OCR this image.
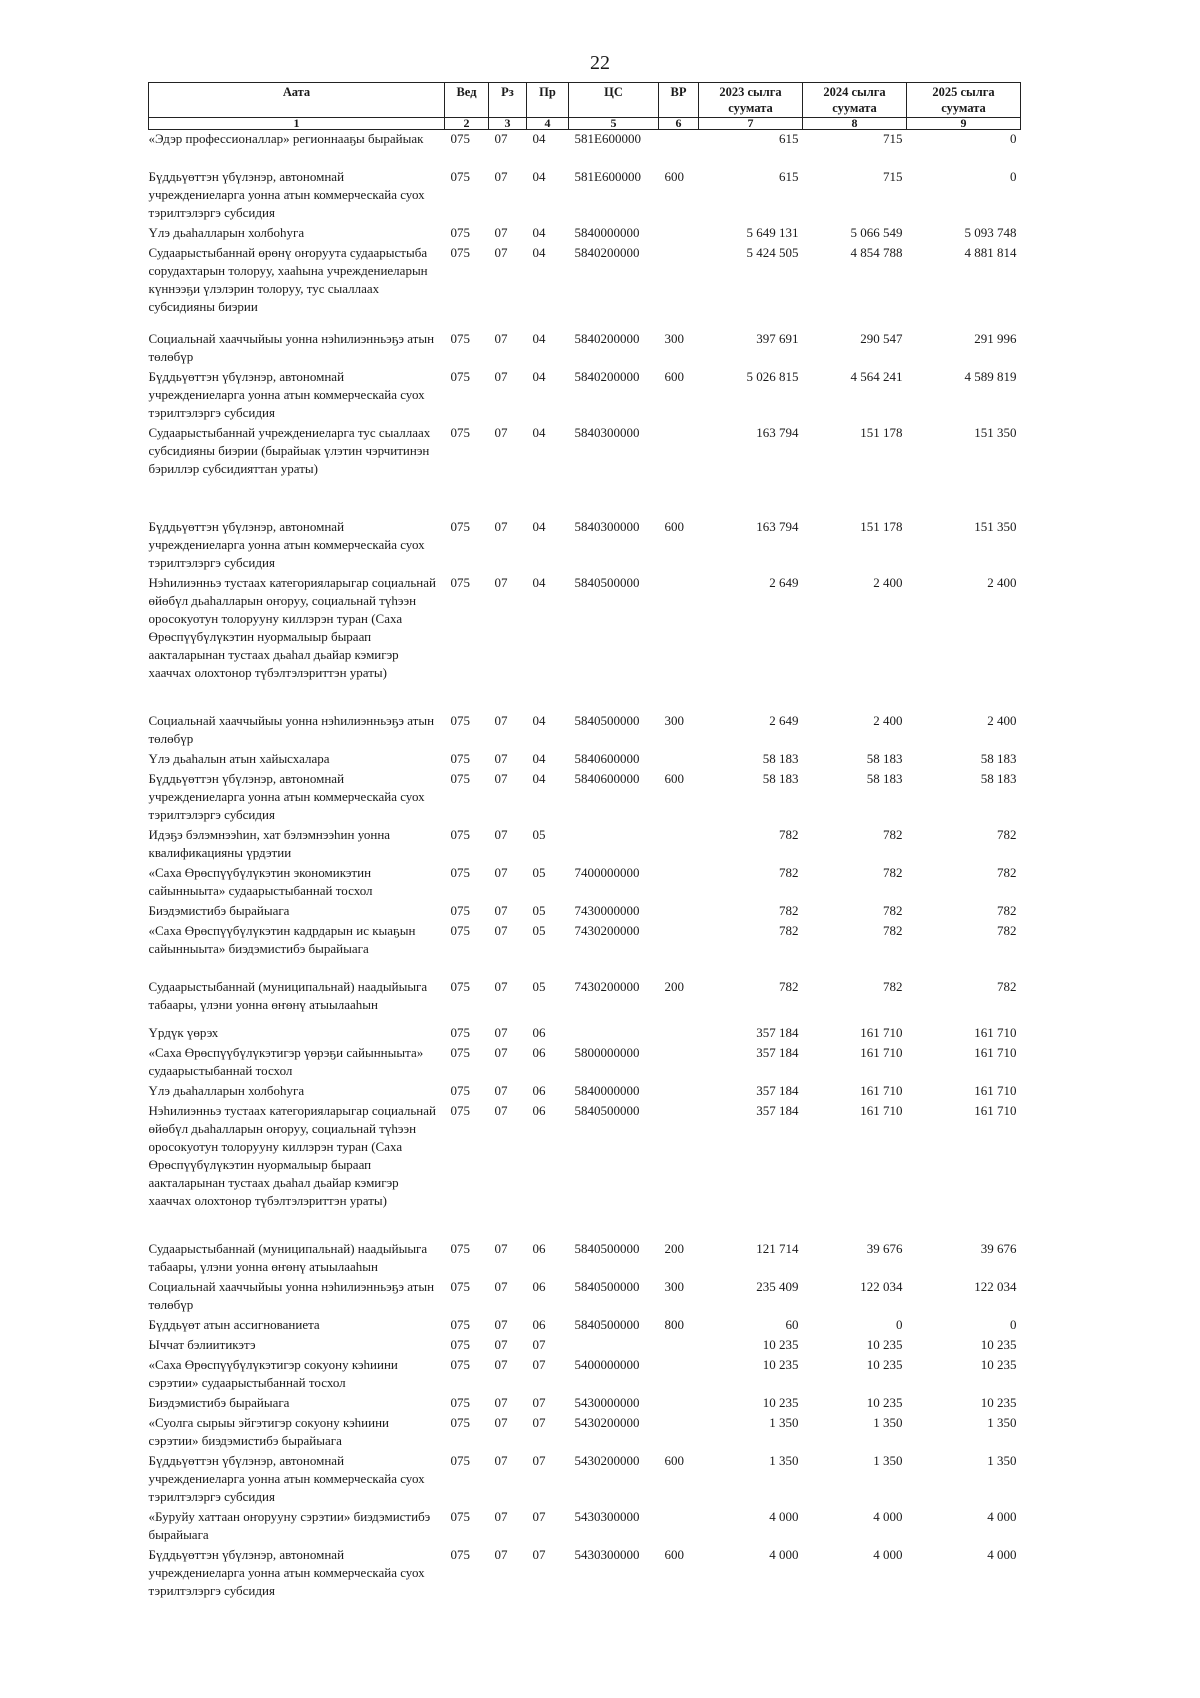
22
Аата	Вед	Рз	Пр	ЦС	ВР	2023 сылга суумата	2024 сылга суумата	2025 сылга суумата
1	2	3	4	5	6	7	8	9
«Эдэр профессионаллар» регионнааҕы бырайыак	075	07	04	581E600000		615	715	0
Бүддьүөттэн үбүлэнэр, автономнай учреждениеларга уонна атын коммерческайа суох тэрилтэлэргэ субсидия	075	07	04	581E600000	600	615	715	0
Үлэ дьаһалларын холбоһуга	075	07	04	5840000000		5 649 131	5 066 549	5 093 748
Судаарыстыбаннай өрөнү оҥоруута судаарыстыба сорудахтарын толоруу, хааһына учреждениеларын күннээҕи үлэлэрин толоруу, тус сыаллаах субсидияны биэрии	075	07	04	5840200000		5 424 505	4 854 788	4 881 814
Социальнай хааччыйыы уонна нэһилиэнньэҕэ атын төлөбүр	075	07	04	5840200000	300	397 691	290 547	291 996
Бүддьүөттэн үбүлэнэр, автономнай учреждениеларга уонна атын коммерческайа суох тэрилтэлэргэ субсидия	075	07	04	5840200000	600	5 026 815	4 564 241	4 589 819
Судаарыстыбаннай учреждениеларга тус сыаллаах субсидияны биэрии (бырайыак үлэтин чэрчитинэн бэриллэр субсидияттан ураты)	075	07	04	5840300000		163 794	151 178	151 350
Бүддьүөттэн үбүлэнэр, автономнай учреждениеларга уонна атын коммерческайа суох тэрилтэлэргэ субсидия	075	07	04	5840300000	600	163 794	151 178	151 350
Нэһилиэнньэ тустаах категорияларыгар социальнай өйөбүл дьаһалларын оҥоруу, социальнай түһээн оросокуотун толорууну киллэрэн туран (Саха Өрөспүүбүлүкэтин нуормалыыр быраап аакталарынан тустаах дьаһал дьайар кэмигэр хааччах олохтонор түбэлтэлэриттэн ураты)	075	07	04	5840500000		2 649	2 400	2 400
Социальнай хааччыйыы уонна нэһилиэнньэҕэ атын төлөбүр	075	07	04	5840500000	300	2 649	2 400	2 400
Үлэ дьаһалын атын хайысхалара	075	07	04	5840600000		58 183	58 183	58 183
Бүддьүөттэн үбүлэнэр, автономнай учреждениеларга уонна атын коммерческайа суох тэрилтэлэргэ субсидия	075	07	04	5840600000	600	58 183	58 183	58 183
Идэҕэ бэлэмнээһин, хат бэлэмнээһин уонна квалификацияны үрдэтии	075	07	05			782	782	782
«Саха Өрөспүүбүлүкэтин экономикэтин сайынныыта» судаарыстыбаннай тосхол	075	07	05	7400000000		782	782	782
Биэдэмистибэ бырайыага	075	07	05	7430000000		782	782	782
«Саха Өрөспүүбүлүкэтин кадрдарын ис кыаҕын сайынныыта» биэдэмистибэ бырайыага	075	07	05	7430200000		782	782	782
Судаарыстыбаннай (муниципальнай) наадыйыыга табаары, үлэни уонна өҥөнү атыылааһын	075	07	05	7430200000	200	782	782	782
Үрдүк үөрэх	075	07	06			357 184	161 710	161 710
«Саха Өрөспүүбүлүкэтигэр үөрэҕи сайынныыта» судаарыстыбаннай тосхол	075	07	06	5800000000		357 184	161 710	161 710
Үлэ дьаһалларын холбоһуга	075	07	06	5840000000		357 184	161 710	161 710
Нэһилиэнньэ тустаах категорияларыгар социальнай өйөбүл дьаһалларын оҥоруу, социальнай түһээн оросокуотун толорууну киллэрэн туран (Саха Өрөспүүбүлүкэтин нуормалыыр быраап аакталарынан тустаах дьаһал дьайар кэмигэр хааччах олохтонор түбэлтэлэриттэн ураты)	075	07	06	5840500000		357 184	161 710	161 710
Судаарыстыбаннай (муниципальнай) наадыйыыга табаары, үлэни уонна өҥөнү атыылааһын	075	07	06	5840500000	200	121 714	39 676	39 676
Социальнай хааччыйыы уонна нэһилиэнньэҕэ атын төлөбүр	075	07	06	5840500000	300	235 409	122 034	122 034
Бүддьүөт атын ассигнованиета	075	07	06	5840500000	800	60	0	0
Ыччат бэлиитикэтэ	075	07	07			10 235	10 235	10 235
«Саха Өрөспүүбүлүкэтигэр сокуону кэһиини сэрэтии» судаарыстыбаннай тосхол	075	07	07	5400000000		10 235	10 235	10 235
Биэдэмистибэ бырайыага	075	07	07	5430000000		10 235	10 235	10 235
«Суолга сырыы эйгэтигэр сокуону кэһиини сэрэтии» биэдэмистибэ бырайыага	075	07	07	5430200000		1 350	1 350	1 350
Бүддьүөттэн үбүлэнэр, автономнай учреждениеларга уонна атын коммерческайа суох тэрилтэлэргэ субсидия	075	07	07	5430200000	600	1 350	1 350	1 350
«Буруйу хаттаан оҥорууну сэрэтии» биэдэмистибэ бырайыага	075	07	07	5430300000		4 000	4 000	4 000
Бүддьүөттэн үбүлэнэр, автономнай учреждениеларга уонна атын коммерческайа суох тэрилтэлэргэ субсидия	075	07	07	5430300000	600	4 000	4 000	4 000
